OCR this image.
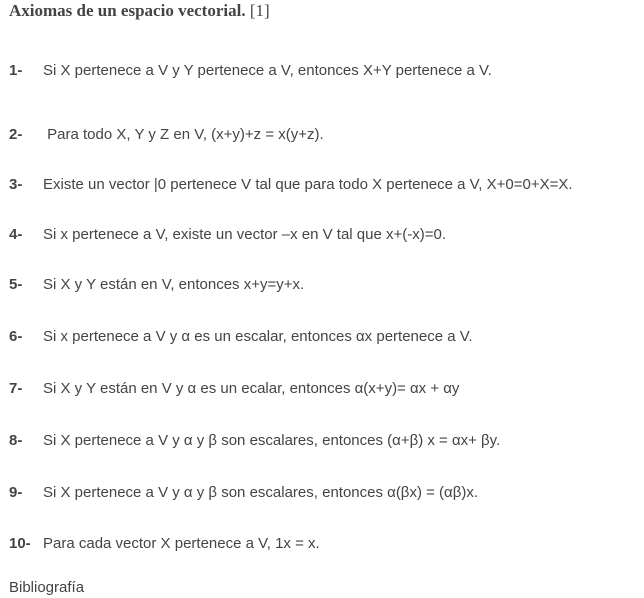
Axiomas de un espacio vectorial. [1]
1- Si X pertenece a V y Y pertenece a V, entonces X+Y pertenece a V.
2- Para todo X, Y y Z en V, (x+y)+z = x(y+z).
3- Existe un vector |0 pertenece V tal que para todo X pertenece a V, X+0=0+X=X.
4- Si x pertenece a V, existe un vector –x en V tal que x+(-x)=0.
5- Si X y Y están en V, entonces x+y=y+x.
6- Si x pertenece a V y α es un escalar, entonces αx pertenece a V.
7- Si X y Y están en V y α es un ecalar, entonces α(x+y)= αx + αy
8- Si X pertenece a V y α y β son escalares, entonces (α+β) x = αx+ βy.
9- Si X pertenece a V y α y β son escalares, entonces α(βx) = (αβ)x.
10- Para cada vector X pertenece a V, 1x = x.
Bibliografía
